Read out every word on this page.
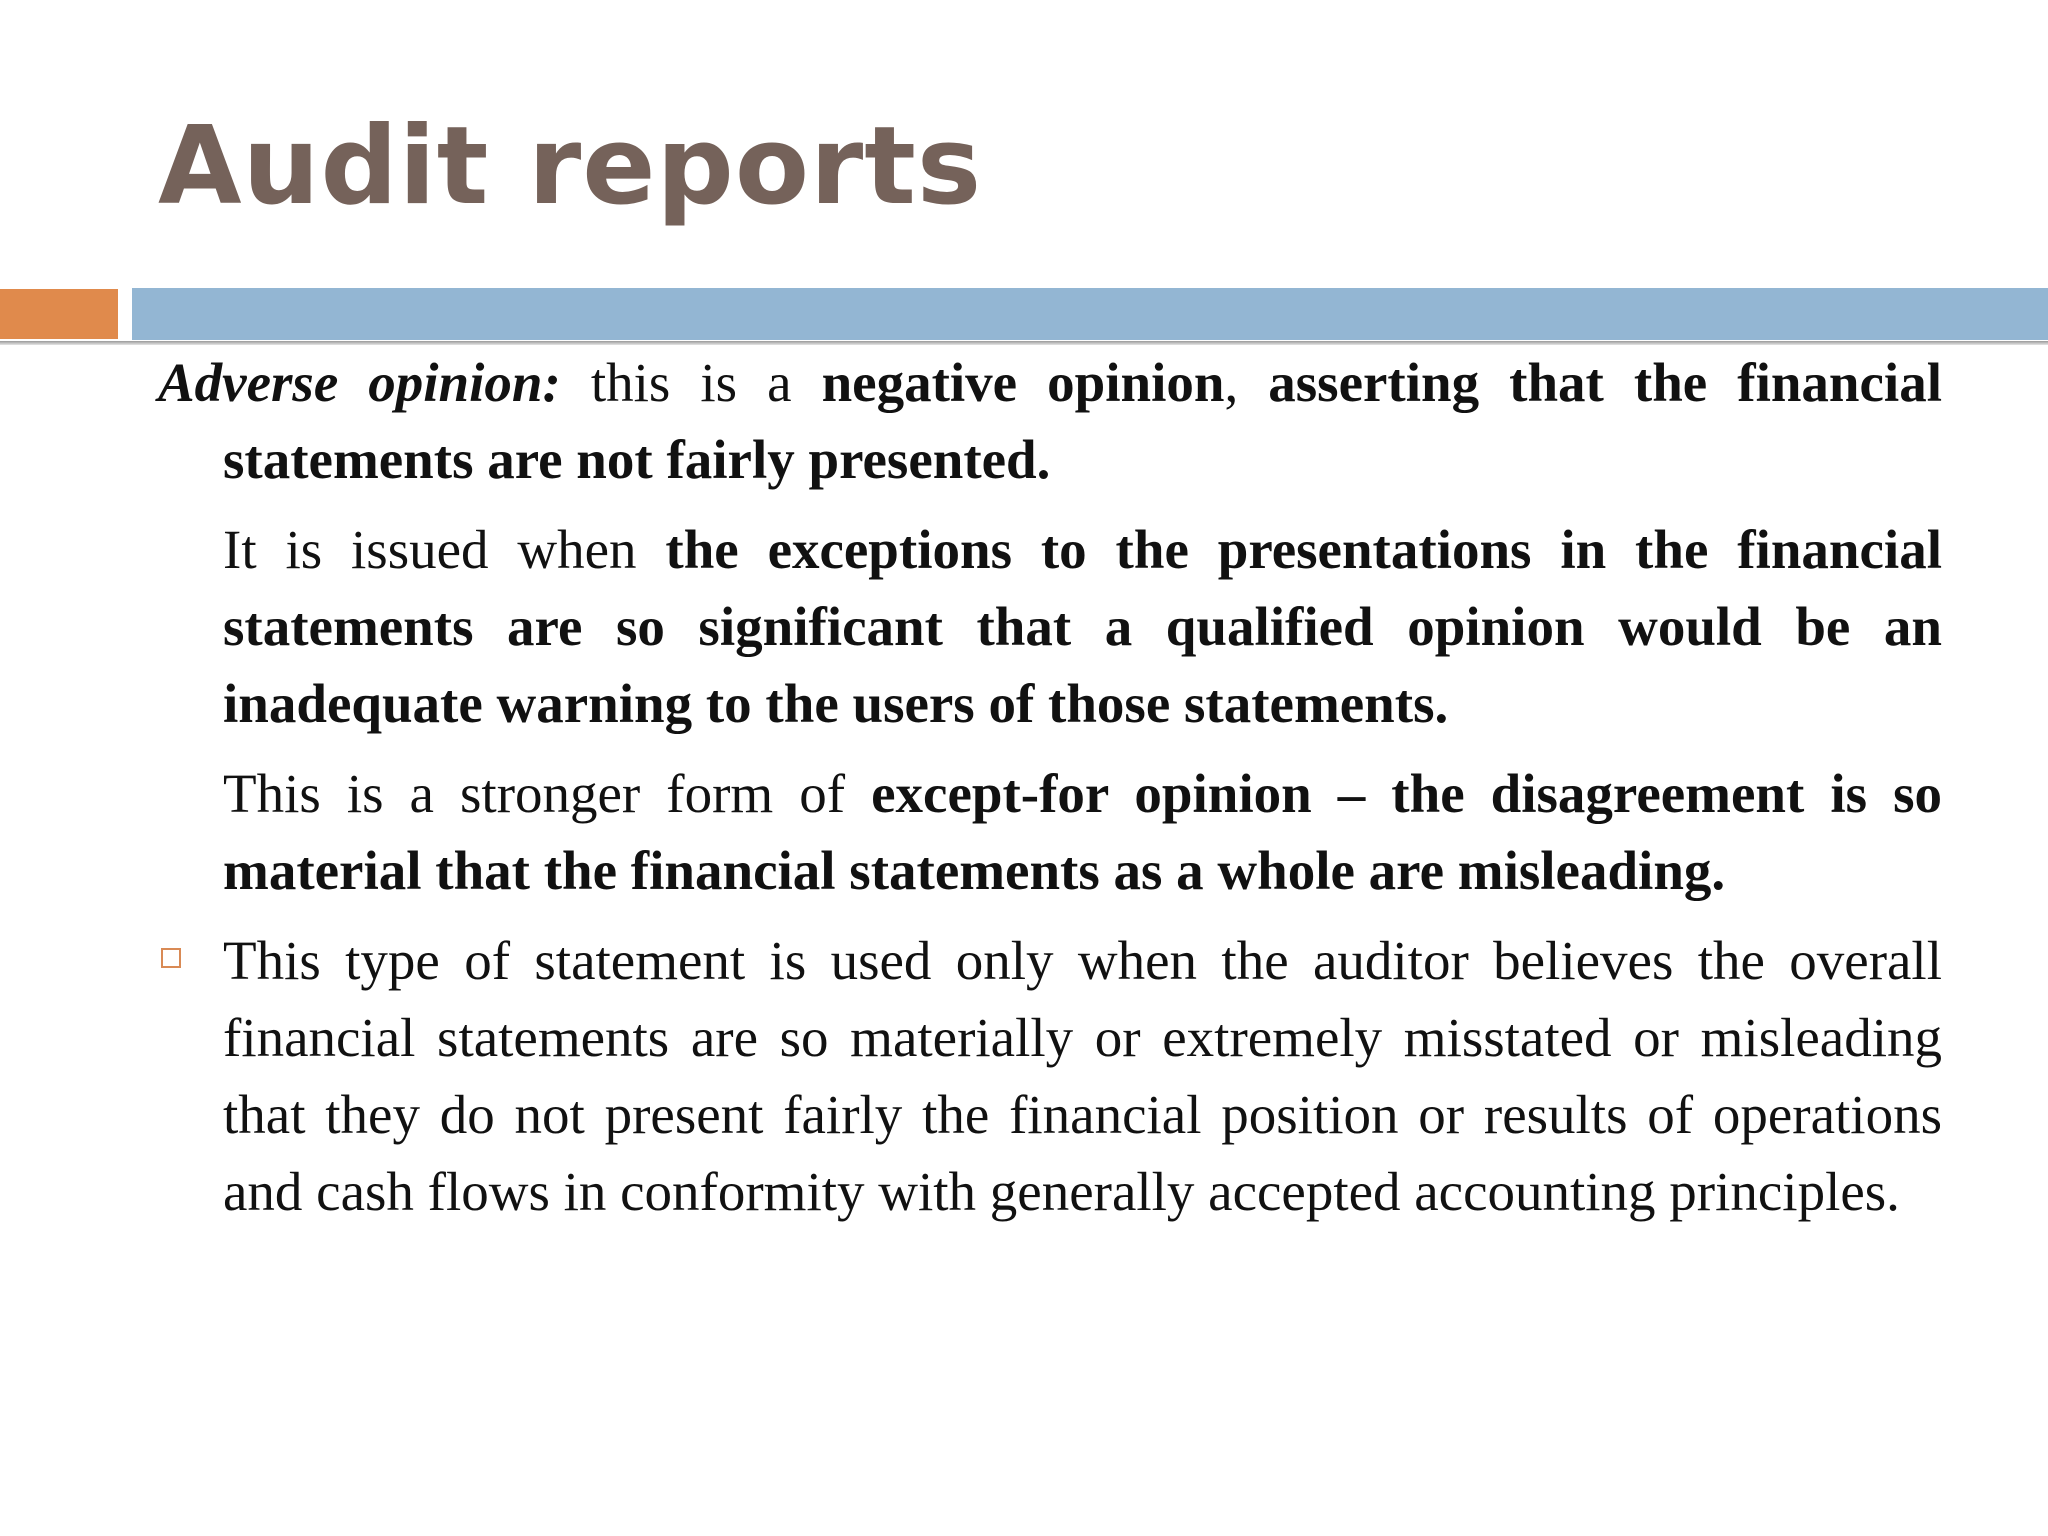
Audit reports

Adverse opinion: this is a negative opinion, asserting that the financial statements are not fairly presented.

It is issued when the exceptions to the presentations in the financial statements are so significant that a qualified opinion would be an inadequate warning to the users of those statements.

This is a stronger form of except-for opinion – the disagreement is so material that the financial statements as a whole are misleading.

This type of statement is used only when the auditor believes the overall financial statements are so materially or extremely misstated or misleading that they do not present fairly the financial position or results of operations and cash flows in conformity with generally accepted accounting principles.
